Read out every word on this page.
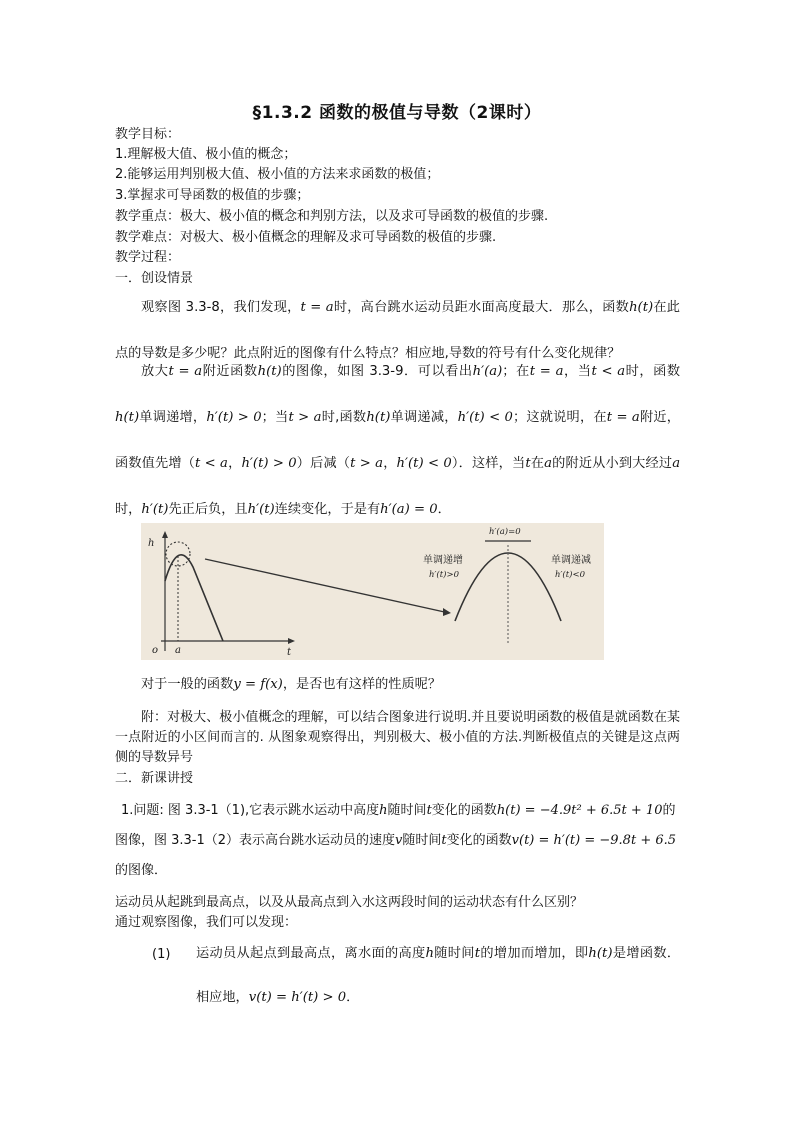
§1.3.2 函数的极值与导数（2课时）
教学目标：
1.理解极大值、极小值的概念；
2.能够运用判别极大值、极小值的方法来求函数的极值；
3.掌握求可导函数的极值的步骤；
教学重点：极大、极小值的概念和判别方法，以及求可导函数的极值的步骤.
教学难点：对极大、极小值概念的理解及求可导函数的极值的步骤.
教学过程：
一．创设情景

观察图 3.3-8，我们发现，t = a时，高台跳水运动员距水面高度最大．那么，函数h(t)在此点的导数是多少呢？此点附近的图像有什么特点？相应地,导数的符号有什么变化规律？

放大t = a附近函数h(t)的图像，如图 3.3-9．可以看出h′(a)；在t = a，当t < a时，函数h(t)单调递增，h′(t) > 0；当t > a时,函数h(t)单调递减，h′(t) < 0；这就说明，在t = a附近，函数值先增（t < a，h′(t) > 0）后减（t > a，h′(t) < 0）．这样，当t在a的附近从小到大经过a时，h′(t)先正后负，且h′(t)连续变化，于是有h′(a) = 0．

h
t
o a
h′(a)=0
单调递增
h′(t)>0
单调递减
h′(t)<0

对于一般的函数y = f(x)，是否也有这样的性质呢？

附：对极大、极小值概念的理解，可以结合图象进行说明.并且要说明函数的极值是就函数在某一点附近的小区间而言的. 从图象观察得出，判别极大、极小值的方法.判断极值点的关键是这点两侧的导数异号
二．新课讲授
1.问题: 图 3.3-1（1),它表示跳水运动中高度h随时间t变化的函数h(t) = −4.9t² + 6.5t + 10的图像，图 3.3-1（2）表示高台跳水运动员的速度v随时间t变化的函数v(t) = h′(t) = −9.8t + 6.5的图像．
运动员从起跳到最高点，以及从最高点到入水这两段时间的运动状态有什么区别？
通过观察图像，我们可以发现：
(1) 运动员从起点到最高点，离水面的高度h随时间t的增加而增加，即h(t)是增函数．相应地，v(t) = h′(t) > 0．
